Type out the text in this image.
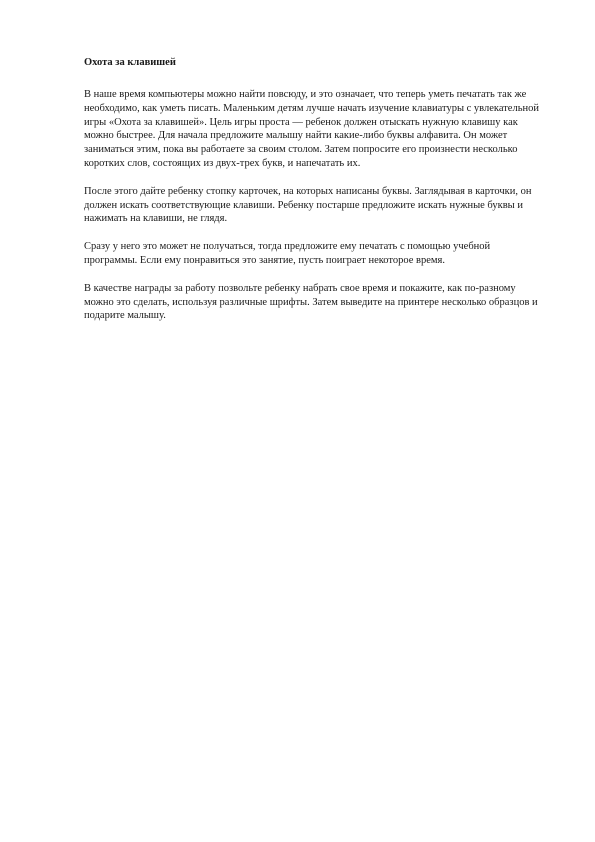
Охота за клавишей

В наше время компьютеры можно найти повсюду, и это означает, что теперь уметь печатать так же необходимо, как уметь писать. Маленьким детям лучше начать изучение клавиатуры с увлекательной игры «Охота за клавишей». Цель игры проста — ребенок должен отыскать нужную клавишу как можно быстрее. Для начала предложите малышу найти какие-либо буквы алфавита. Он может заниматься этим, пока вы работаете за своим столом. Затем попросите его произнести несколько коротких слов, состоящих из двух-трех букв, и напечатать их.

После этого дайте ребенку стопку карточек, на которых написаны буквы. Заглядывая в карточки, он должен искать соответствующие клавиши. Ребенку постарше предложите искать нужные буквы и нажимать на клавиши, не глядя.

Сразу у него это может не получаться, тогда предложите ему печатать с помощью учебной программы. Если ему понравиться это занятие, пусть поиграет некоторое время.

В качестве награды за работу позвольте ребенку набрать свое время и покажите, как по-разному можно это сделать, используя различные шрифты. Затем выведите на принтере несколько образцов и подарите малышу.
